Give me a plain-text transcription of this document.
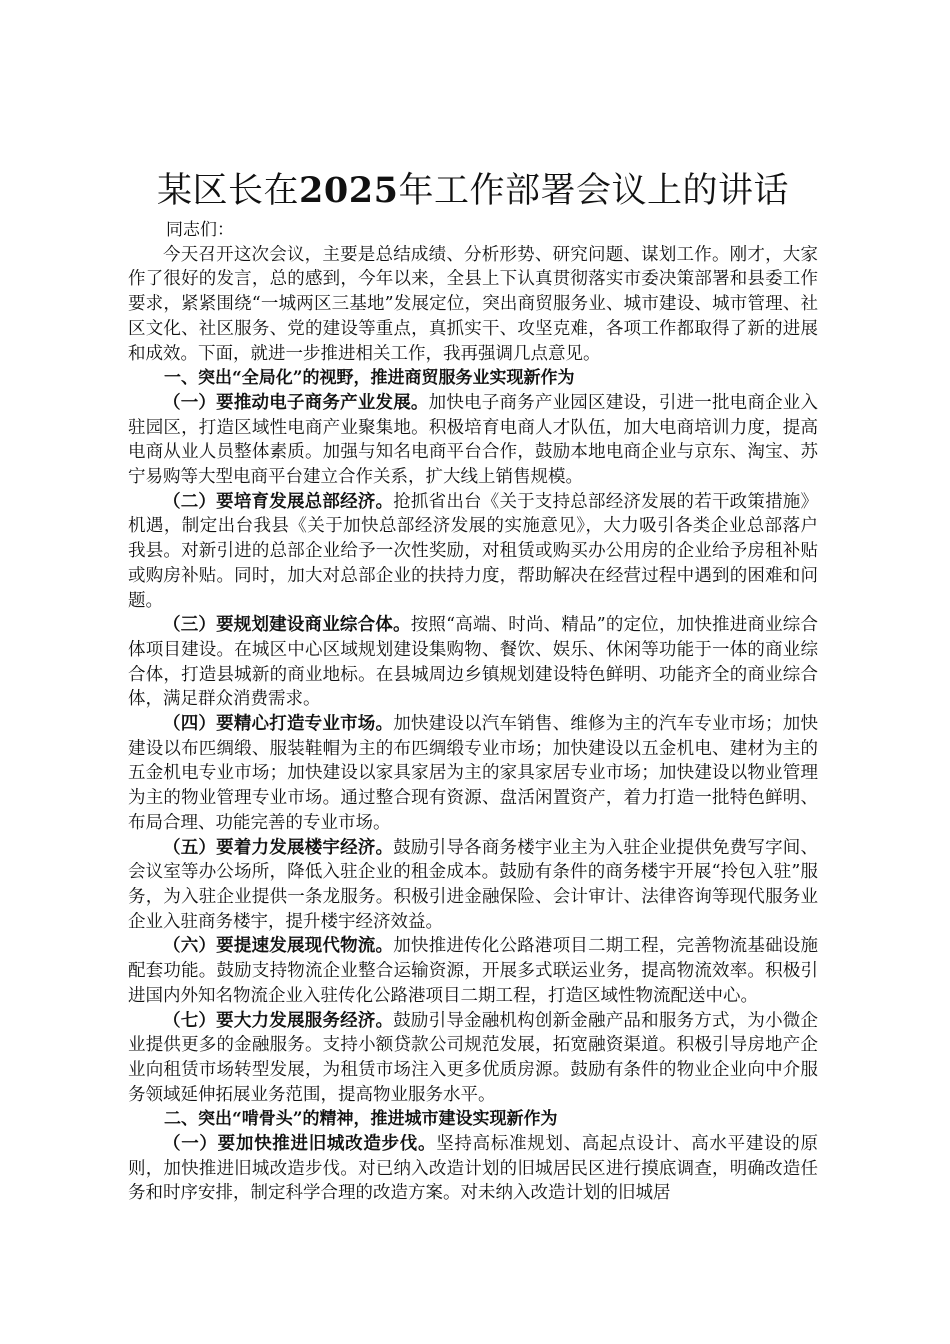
某区长在2025年工作部署会议上的讲话
同志们：

今天召开这次会议，主要是总结成绩、分析形势、研究问题、谋划工作。刚才，大家作了很好的发言，总的感到，今年以来，全县上下认真贯彻落实市委决策部署和县委工作要求，紧紧围绕“一城两区三基地”发展定位，突出商贸服务业、城市建设、城市管理、社区文化、社区服务、党的建设等重点，真抓实干、攻坚克难，各项工作都取得了新的进展和成效。下面，就进一步推进相关工作，我再强调几点意见。

一、突出“全局化”的视野，推进商贸服务业实现新作为

（一）要推动电子商务产业发展。加快电子商务产业园区建设，引进一批电商企业入驻园区，打造区域性电商产业聚集地。积极培育电商人才队伍，加大电商培训力度，提高电商从业人员整体素质。加强与知名电商平台合作，鼓励本地电商企业与京东、淘宝、苏宁易购等大型电商平台建立合作关系，扩大线上销售规模。

（二）要培育发展总部经济。抢抓省出台《关于支持总部经济发展的若干政策措施》机遇，制定出台我县《关于加快总部经济发展的实施意见》，大力吸引各类企业总部落户我县。对新引进的总部企业给予一次性奖励，对租赁或购买办公用房的企业给予房租补贴或购房补贴。同时，加大对总部企业的扶持力度，帮助解决在经营过程中遇到的困难和问题。

（三）要规划建设商业综合体。按照“高端、时尚、精品”的定位，加快推进商业综合体项目建设。在城区中心区域规划建设集购物、餐饮、娱乐、休闲等功能于一体的商业综合体，打造县城新的商业地标。在县城周边乡镇规划建设特色鲜明、功能齐全的商业综合体，满足群众消费需求。

（四）要精心打造专业市场。加快建设以汽车销售、维修为主的汽车专业市场；加快建设以布匹绸缎、服装鞋帽为主的布匹绸缎专业市场；加快建设以五金机电、建材为主的五金机电专业市场；加快建设以家具家居为主的家具家居专业市场；加快建设以物业管理为主的物业管理专业市场。通过整合现有资源、盘活闲置资产，着力打造一批特色鲜明、布局合理、功能完善的专业市场。

（五）要着力发展楼宇经济。鼓励引导各商务楼宇业主为入驻企业提供免费写字间、会议室等办公场所，降低入驻企业的租金成本。鼓励有条件的商务楼宇开展“拎包入驻”服务，为入驻企业提供一条龙服务。积极引进金融保险、会计审计、法律咨询等现代服务业企业入驻商务楼宇，提升楼宇经济效益。

（六）要提速发展现代物流。加快推进传化公路港项目二期工程，完善物流基础设施配套功能。鼓励支持物流企业整合运输资源，开展多式联运业务，提高物流效率。积极引进国内外知名物流企业入驻传化公路港项目二期工程，打造区域性物流配送中心。

（七）要大力发展服务经济。鼓励引导金融机构创新金融产品和服务方式，为小微企业提供更多的金融服务。支持小额贷款公司规范发展，拓宽融资渠道。积极引导房地产企业向租赁市场转型发展，为租赁市场注入更多优质房源。鼓励有条件的物业企业向中介服务领域延伸拓展业务范围，提高物业服务水平。

二、突出“啃骨头”的精神，推进城市建设实现新作为

（一）要加快推进旧城改造步伐。坚持高标准规划、高起点设计、高水平建设的原则，加快推进旧城改造步伐。对已纳入改造计划的旧城居民区进行摸底调查，明确改造任务和时序安排，制定科学合理的改造方案。对未纳入改造计划的旧城居
